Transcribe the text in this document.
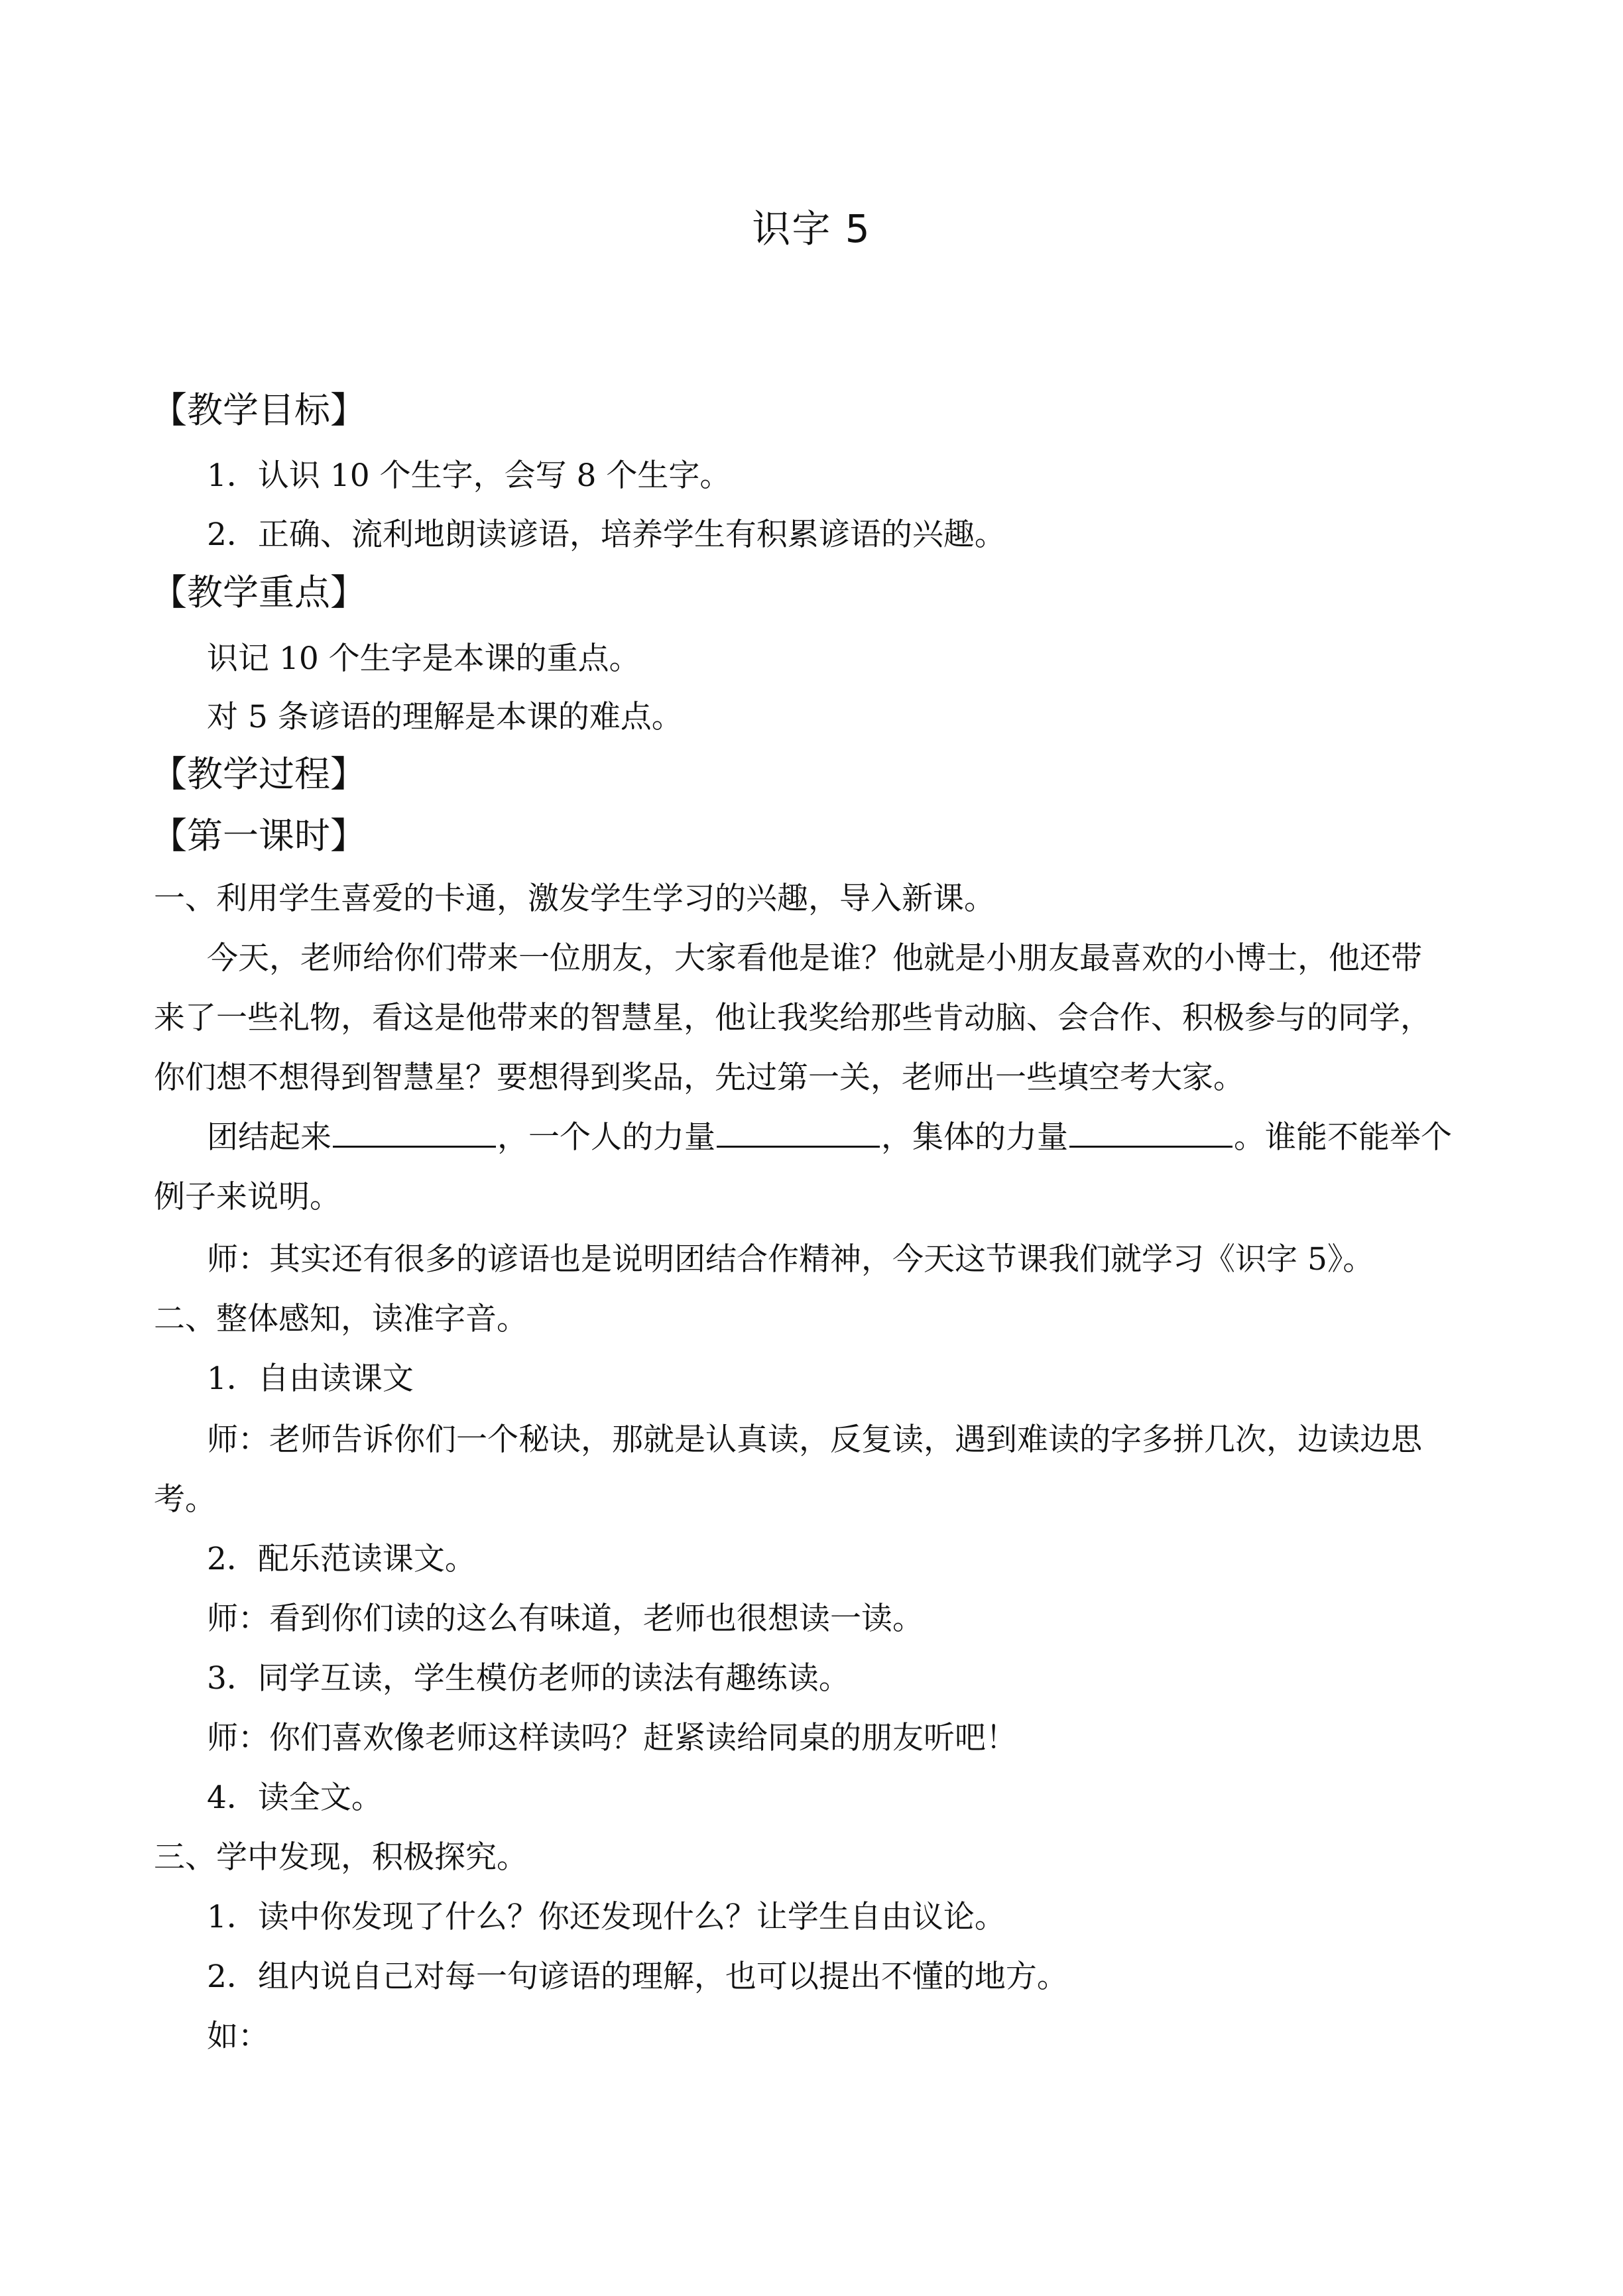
识字 5
【教学目标】
1．认识 10 个生字，会写 8 个生字。
2．正确、流利地朗读谚语，培养学生有积累谚语的兴趣。
【教学重点】
识记 10 个生字是本课的重点。
对 5 条谚语的理解是本课的难点。
【教学过程】
【第一课时】
一、利用学生喜爱的卡通，激发学生学习的兴趣，导入新课。
今天，老师给你们带来一位朋友，大家看他是谁？他就是小朋友最喜欢的小博士，他还带
来了一些礼物，看这是他带来的智慧星，他让我奖给那些肯动脑、会合作、积极参与的同学，
你们想不想得到智慧星？要想得到奖品，先过第一关，老师出一些填空考大家。
团结起来	，一个人的力量	，集体的力量	。谁能不能举个
例子来说明。
师：其实还有很多的谚语也是说明团结合作精神，今天这节课我们就学习《识字 5》。
二、整体感知，读准字音。
1．自由读课文
师：老师告诉你们一个秘诀，那就是认真读，反复读，遇到难读的字多拼几次，边读边思
考。
2．配乐范读课文。
师：看到你们读的这么有味道，老师也很想读一读。
3．同学互读，学生模仿老师的读法有趣练读。
师：你们喜欢像老师这样读吗？赶紧读给同桌的朋友听吧！
4．读全文。
三、学中发现，积极探究。
1．读中你发现了什么？你还发现什么？让学生自由议论。
2．组内说自己对每一句谚语的理解，也可以提出不懂的地方。
如：
